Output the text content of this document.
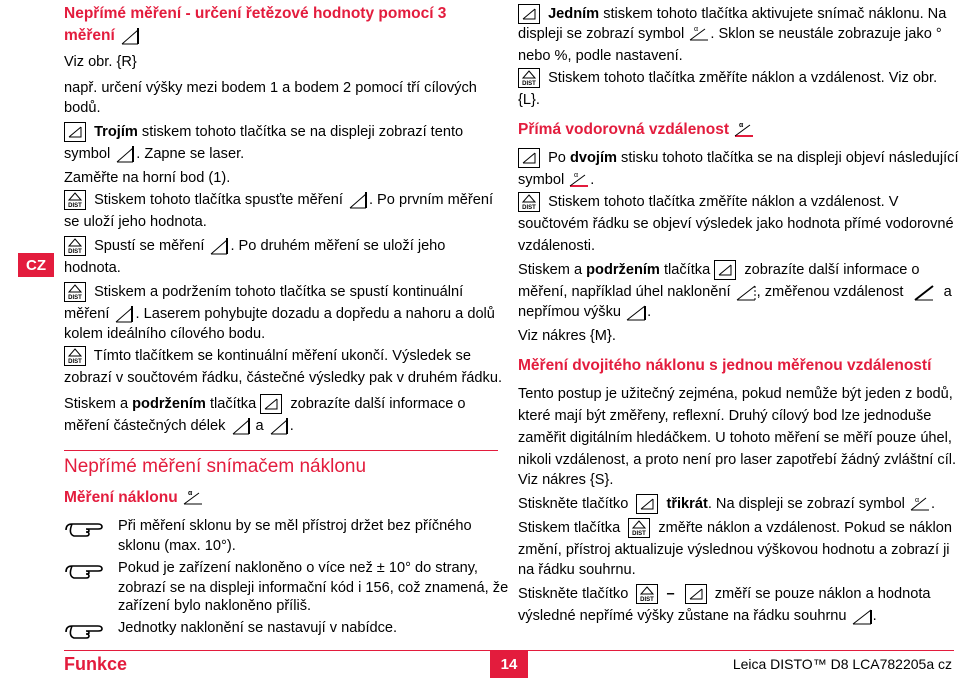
CZ
Nepřímé měření - určení řetězové hodnoty pomocí 3
měření
Viz obr. {R}
např. určení výšky mezi bodem 1 a bodem 2 pomocí tří cílových
bodů.
Trojím stiskem tohoto tlačítka se na displeji zobrazí tento
symbol . Zapne se laser.
Zaměřte na horní bod (1).
DIST Stiskem tohoto tlačítka spusťte měření . Po prvním měření
se uloží jeho hodnota.
DIST Spustí se měření . Po druhém měření se uloží jeho
hodnota.
DIST Stiskem a podržením tohoto tlačítka se spustí kontinuální
měření . Laserem pohybujte dozadu a dopředu a nahoru a dolů
kolem ideálního cílového bodu.
DIST Tímto tlačítkem se kontinuální měření ukončí. Výsledek se
zobrazí v součtovém řádku, částečné výsledky pak v druhém řádku.
Stiskem a podržením tlačítka
zobrazíte další informace o
měření částečných délek
a
.
Nepřímé měření snímačem náklonu
Měření náklonu α
Při měření sklonu by se měl přístroj držet bez příčného
sklonu (max. 10°).
Pokud je zařízení nakloněno o více než ± 10° do strany,
zobrazí se na displeji informační kód i 156, což znamená, že
zařízení bylo nakloněno příliš.
Jednotky naklonění se nastavují v nabídce.
Jedním stiskem tohoto tlačítka aktivujete snímač náklonu. Na
displeji se zobrazí symbol α . Sklon se neustále zobrazuje jako °
nebo %, podle nastavení.
DIST Stiskem tohoto tlačítka změříte náklon a vzdálenost. Viz obr.
{L}.
Přímá vodorovná vzdálenost α
Po dvojím stisku tohoto tlačítka se na displeji objeví následující
symbol α .
DIST Stiskem tohoto tlačítka změříte náklon a vzdálenost. V
součtovém řádku se objeví výsledek jako hodnota přímé vodorovné
vzdálenosti.
Stiskem a podržením tlačítka zobrazíte další informace o
měření, například úhel naklonění , změřenou vzdálenost	a
nepřímou výšku .
Viz nákres {M}.
Měření dvojitého náklonu s jednou měřenou vzdáleností
Tento postup je užitečný zejména, pokud nemůže být jeden z bodů,
které mají být změřeny, reflexní. Druhý cílový bod lze jednoduše
zaměřit digitálním hledáčkem. U tohoto měření se měří pouze úhel,
nikoli vzdálenost, a proto není pro laser zapotřebí žádný zvláštní cíl.
Viz nákres {S}.
Stiskněte tlačítko	třikrát. Na displeji se zobrazí symbol α .
Stiskem tlačítka DIST změřte náklon a vzdálenost. Pokud se náklon
změní, přístroj aktualizuje výslednou výškovou hodnotu a zobrazí ji
na řádku souhrnu.
Stiskněte tlačítko DIST –	změří se pouze náklon a hodnota
výsledné nepřímé výšky zůstane na řádku souhrnu .
Funkce	14	Leica DISTO™ D8 LCA782205a cz
